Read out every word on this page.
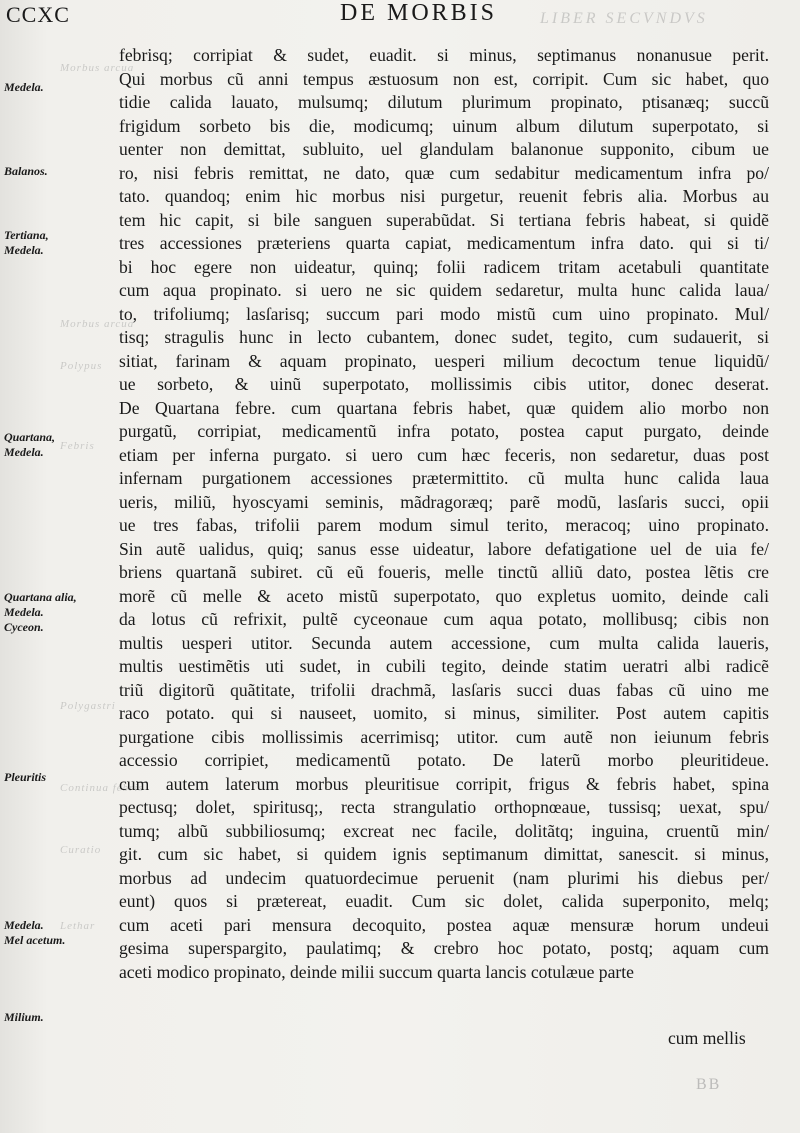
LIBER SECVNDVS
Morbus arcua
Morbus arcua
Polypus
Febris
Polygastri
Continua febris
Curatio
Lethar
CCXC	DE MORBIS
Medela.
Balanos.
Tertiana,
Medela.
Quartana,
Medela.
Quartana alia,
Medela.
Cyceon.
Pleuritis
Medela.
Mel acetum.
Milium.
febrisq; corripiat & sudet, euadit. si minus, septimanus nonanusue perit.
Qui morbus cũ anni tempus æstuosum non est, corripit. Cum sic habet, quo
tidie calida lauato, mulsumq; dilutum plurimum propinato, ptisanæq; succũ
frigidum sorbeto bis die, modicumq; uinum album dilutum superpotato, si
uenter non demittat, subluito, uel glandulam balanonue supponito, cibum ue
ro, nisi febris remittat, ne dato, quæ cum sedabitur medicamentum infra po/
tato. quandoq; enim hic morbus nisi purgetur, reuenit febris alia. Morbus au
tem hic capit, si bile sanguen superabũdat. Si tertiana febris habeat, si quidẽ
tres accessiones præteriens quarta capiat, medicamentum infra dato. qui si ti/
bi hoc egere non uideatur, quinq; folii radicem tritam acetabuli quantitate
cum aqua propinato. si uero ne sic quidem sedaretur, multa hunc calida laua/
to, trifoliumq; lasſarisq; succum pari modo mistũ cum uino propinato. Mul/
tisq; stragulis hunc in lecto cubantem, donec sudet, tegito, cum sudauerit, si
sitiat, farinam & aquam propinato, uesperi milium decoctum tenue liquidũ/
ue sorbeto, & uinũ superpotato, mollissimis cibis utitor, donec deserat.
De Quartana febre. cum quartana febris habet, quæ quidem alio morbo non
purgatũ, corripiat, medicamentũ infra potato, postea caput purgato, deinde
etiam per inferna purgato. si uero cum hæc feceris, non sedaretur, duas post
infernam purgationem accessiones prætermittito. cũ multa hunc calida laua
ueris, miliũ, hyoscyami seminis, mãdragoræq; parẽ modũ, lasſaris succi, opii
ue tres fabas, trifolii parem modum simul terito, meracoq; uino propinato.
Sin autẽ ualidus, quiq; sanus esse uideatur, labore defatigatione uel de uia fe/
briens quartanã subiret. cũ eũ foueris, melle tinctũ alliũ dato, postea lẽtis cre
morẽ cũ melle & aceto mistũ superpotato, quo expletus uomito, deinde cali
da lotus cũ refrixit, pultẽ cyceonaue cum aqua potato, mollibusq; cibis non
multis uesperi utitor. Secunda autem accessione, cum multa calida laueris,
multis uestimẽtis uti sudet, in cubili tegito, deinde statim ueratri albi radicẽ
triũ digitorũ quãtitate, trifolii drachmã, lasſaris succi duas fabas cũ uino me
raco potato. qui si nauseet, uomito, si minus, similiter. Post autem capitis
purgatione cibis mollissimis acerrimisq; utitor. cum autẽ non ieiunum febris
accessio corripiet, medicamentũ potato. De laterũ morbo pleuritideue.
cum autem laterum morbus pleuritisue corripit, frigus & febris habet, spina
pectusq; dolet, spiritusq;, recta strangulatio orthopnœaue, tussisq; uexat, spu/
tumq; albũ subbiliosumq; excreat nec facile, dolitãtq; inguina, cruentũ min/
git. cum sic habet, si quidem ignis septimanum dimittat, sanescit. si minus,
morbus ad undecim quatuordecimue peruenit (nam plurimi his diebus per/
eunt) quos si prætereat, euadit. Cum sic dolet, calida superponito, melq;
cum aceti pari mensura decoquito, postea aquæ mensuræ horum undeui
gesima superspargito, paulatimq; & crebro hoc potato, postq; aquam cum
aceti modico propinato, deinde milii succum quarta lancis cotulæue parte
cum mellis
BB
